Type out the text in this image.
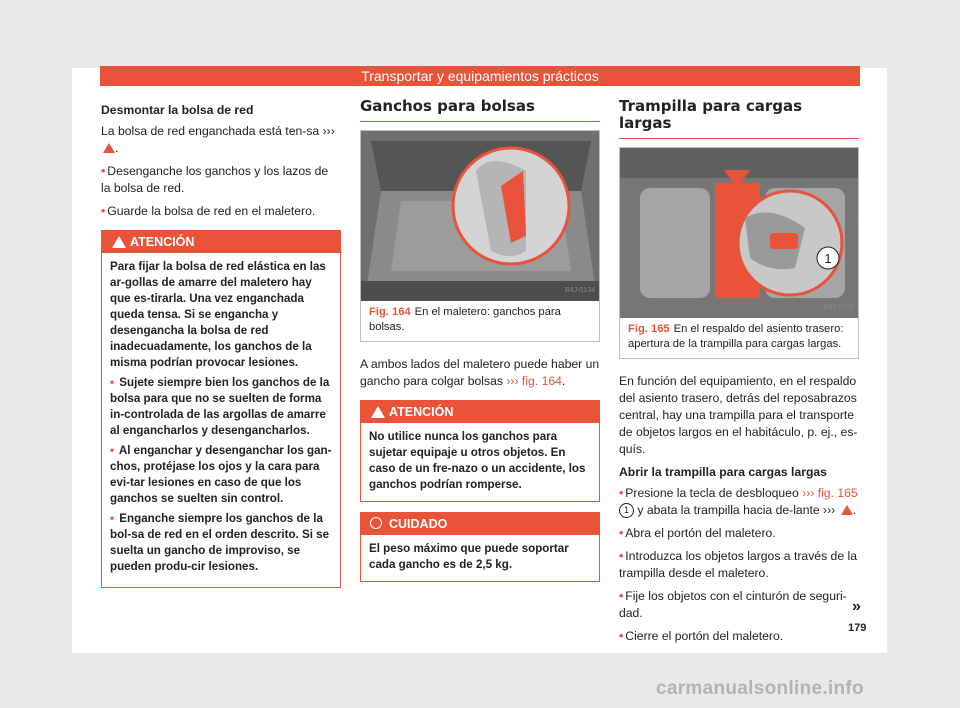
Transportar y equipamientos prácticos
Desmontar la bolsa de red

La bolsa de red enganchada está ten-sa ››› .

• Desenganche los ganchos y los lazos de la bolsa de red.
• Guarde la bolsa de red en el maletero.
ATENCIÓN

Para fijar la bolsa de red elástica en las ar-gollas de amarre del maletero hay que es-tirarla. Una vez enganchada queda tensa. Si se engancha y desengancha la bolsa de red inadecuadamente, los ganchos de la misma podrían provocar lesiones.

• Sujete siempre bien los ganchos de la bolsa para que no se suelten de forma in-controlada de las argollas de amarre al engancharlos y desengancharlos.

• Al enganchar y desenganchar los gan-chos, protéjase los ojos y la cara para evi-tar lesiones en caso de que los ganchos se suelten sin control.

• Enganche siempre los ganchos de la bol-sa de red en el orden descrito. Si se suelta un gancho de improviso, se pueden produ-cir lesiones.

Ganchos para bolsas
B4J-0134
Fig. 164 En el maletero: ganchos para bolsas.

A ambos lados del maletero puede haber un gancho para colgar bolsas ››› fig. 164.

ATENCIÓN
No utilice nunca los ganchos para sujetar equipaje u otros objetos. En caso de un fre-nazo o un accidente, los ganchos podrían romperse.
CUIDADO
El peso máximo que puede soportar cada gancho es de 2,5 kg.
Trampilla para cargas largas
1
B4J-0104
Fig. 165 En el respaldo del asiento trasero: apertura de la trampilla para cargas largas.

En función del equipamiento, en el respaldo del asiento trasero, detrás del reposabrazos central, hay una trampilla para el transporte de objetos largos en el habitáculo, p. ej., es-quís.

Abrir la trampilla para cargas largas
• Presione la tecla de desbloqueo ››› fig. 165 1 y abata la trampilla hacia de-lante ››› .
• Abra el portón del maletero.
• Introduzca los objetos largos a través de la trampilla desde el maletero.
• Fije los objetos con el cinturón de seguri-dad.
• Cierre el portón del maletero.
»
179
carmanualsonline.info
